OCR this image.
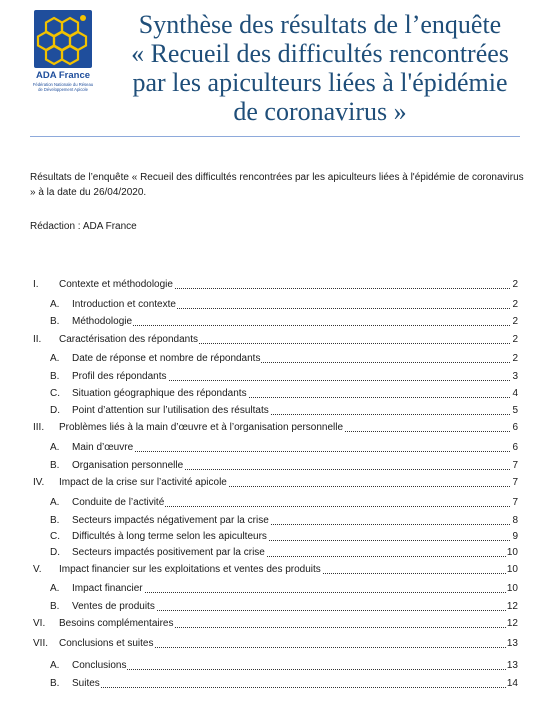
ADA France
Fédération Nationale du Réseau de Développement Apicole
Synthèse des résultats de l’enquête
« Recueil des difficultés rencontrées
par les apiculteurs liées à l'épidémie
de coronavirus »
Résultats de l’enquête « Recueil des difficultés rencontrées par les apiculteurs liées à l'épidémie de coronavirus » à la date du 26/04/2020.
Rédaction : ADA France
I. Contexte et méthodologie	2
A. Introduction et contexte	2
B. Méthodologie	2
II. Caractérisation des répondants	2
A. Date de réponse et nombre de répondants	2
B. Profil des répondants	3
C. Situation géographique des répondants	4
D. Point d’attention sur l’utilisation des résultats	5
III. Problèmes liés à la main d’œuvre et à l’organisation personnelle	6
A. Main d’œuvre	6
B. Organisation personnelle	7
IV. Impact de la crise sur l’activité apicole	7
A. Conduite de l’activité	7
B. Secteurs impactés négativement par la crise	8
C. Difficultés à long terme selon les apiculteurs	9
D. Secteurs impactés positivement par la crise	10
V. Impact financier sur les exploitations et ventes des produits	10
A. Impact financier	10
B. Ventes de produits	12
VI. Besoins complémentaires	12
VII. Conclusions et suites	13
A. Conclusions	13
B. Suites	14
